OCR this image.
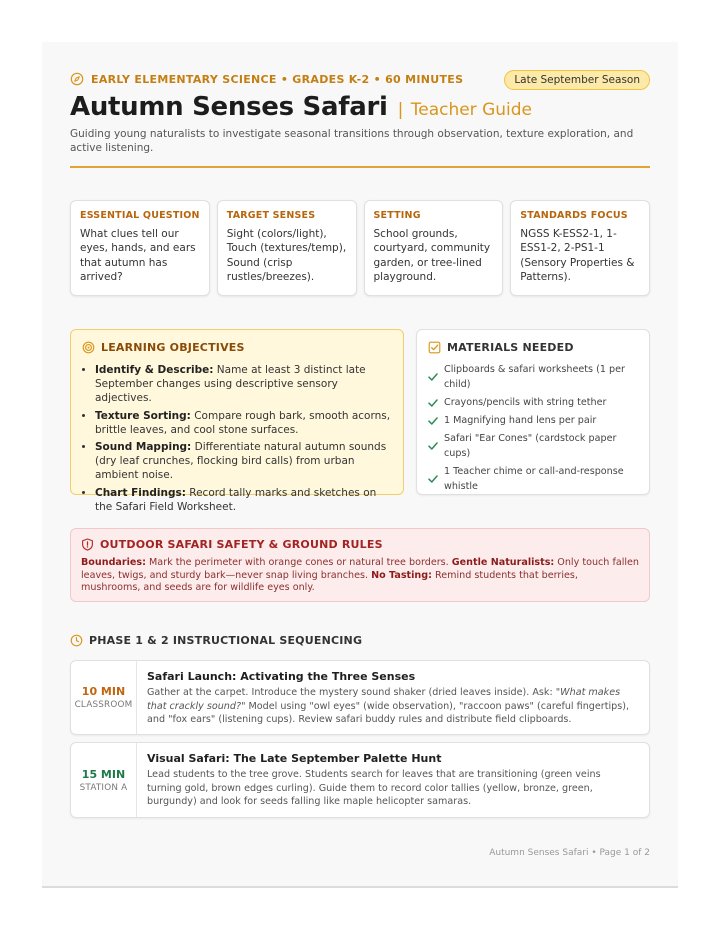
EARLY ELEMENTARY SCIENCE • GRADES K-2 • 60 MINUTES	Late September Season
Autumn Senses Safari | Teacher Guide

Guiding young naturalists to investigate seasonal transitions through observation, texture exploration, and active listening.

ESSENTIAL QUESTION

What clues tell our eyes, hands, and ears that autumn has arrived?

TARGET SENSES

Sight (colors/light), Touch (textures/temp), Sound (crisp rustles/breezes).

SETTING

School grounds, courtyard, community garden, or tree-lined playground.

STANDARDS FOCUS

NGSS K-ESS2-1, 1-ESS1-2, 2-PS1-1 (Sensory Properties & Patterns).

LEARNING OBJECTIVES
• Identify & Describe: Name at least 3 distinct late September changes using descriptive sensory adjectives.
• Texture Sorting: Compare rough bark, smooth acorns, brittle leaves, and cool stone surfaces.
• Sound Mapping: Differentiate natural autumn sounds (dry leaf crunches, flocking bird calls) from urban ambient noise.
• Chart Findings: Record tally marks and sketches on the Safari Field Worksheet.
MATERIALS NEEDED
Clipboards & safari worksheets (1 per child)
Crayons/pencils with string tether
1 Magnifying hand lens per pair
Safari "Ear Cones" (cardstock paper cups)
1 Teacher chime or call-and-response whistle
OUTDOOR SAFARI SAFETY & GROUND RULES

Boundaries: Mark the perimeter with orange cones or natural tree borders. Gentle Naturalists: Only touch fallen leaves, twigs, and sturdy bark—never snap living branches. No Tasting: Remind students that berries, mushrooms, and seeds are for wildlife eyes only.

PHASE 1 & 2 INSTRUCTIONAL SEQUENCING
10 MIN
CLASSROOM
Safari Launch: Activating the Three Senses

Gather at the carpet. Introduce the mystery sound shaker (dried leaves inside). Ask: "What makes that crackly sound?" Model using "owl eyes" (wide observation), "raccoon paws" (careful fingertips), and "fox ears" (listening cups). Review safari buddy rules and distribute field clipboards.

15 MIN
STATION A
Visual Safari: The Late September Palette Hunt

Lead students to the tree grove. Students search for leaves that are transitioning (green veins turning gold, brown edges curling). Guide them to record color tallies (yellow, bronze, green, burgundy) and look for seeds falling like maple helicopter samaras.

Autumn Senses Safari • Page 1 of 2
